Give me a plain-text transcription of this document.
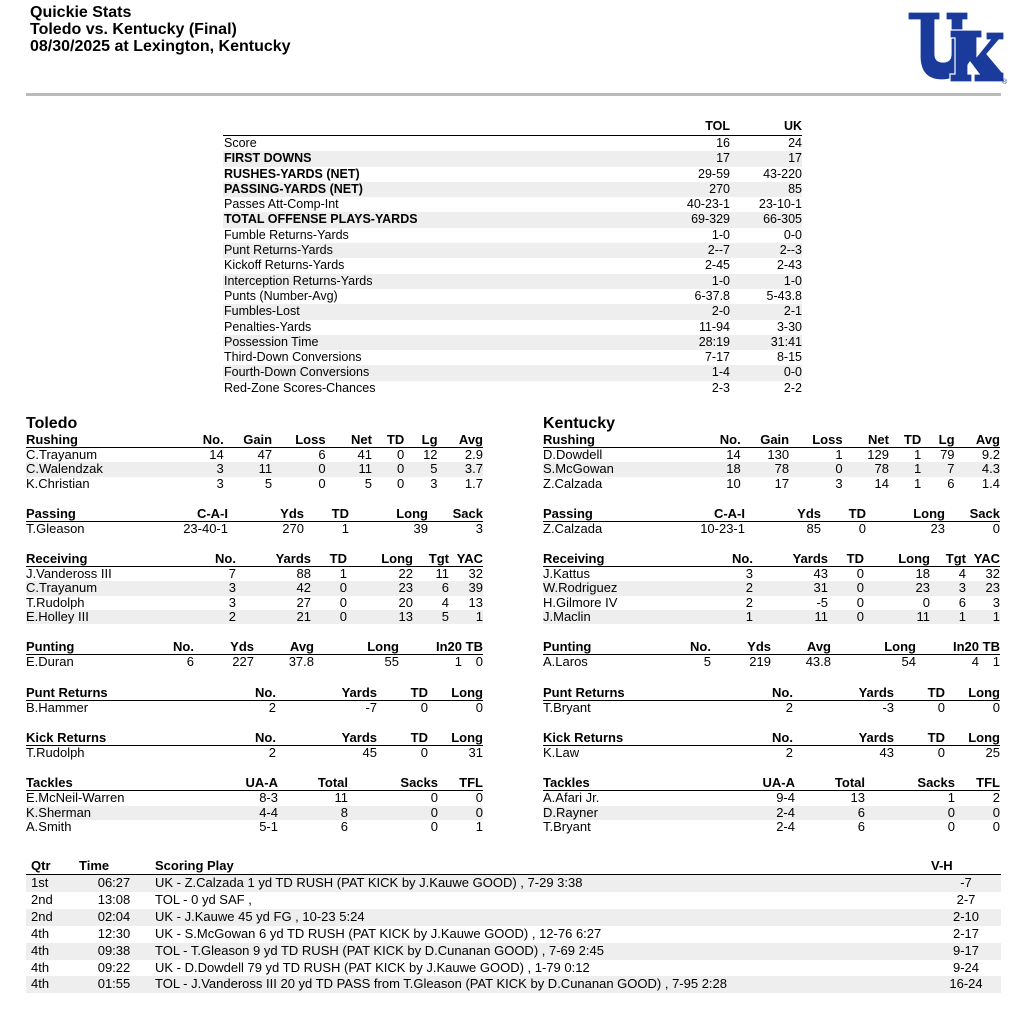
Quickie Stats
Toledo vs. Kentucky (Final)
08/30/2025 at Lexington, Kentucky
®
	TOL	UK
Score	16	24
FIRST DOWNS	17	17
RUSHES-YARDS (NET)	29-59	43-220
PASSING-YARDS (NET)	270	85
Passes Att-Comp-Int	40-23-1	23-10-1
TOTAL OFFENSE PLAYS-YARDS	69-329	66-305
Fumble Returns-Yards	1-0	0-0
Punt Returns-Yards	2--7	2--3
Kickoff Returns-Yards	2-45	2-43
Interception Returns-Yards	1-0	1-0
Punts (Number-Avg)	6-37.8	5-43.8
Fumbles-Lost	2-0	2-1
Penalties-Yards	11-94	3-30
Possession Time	28:19	31:41
Third-Down Conversions	7-17	8-15
Fourth-Down Conversions	1-4	0-0
Red-Zone Scores-Chances	2-3	2-2
Toledo
Rushing	No.	Gain	Loss	Net	TD	Lg	Avg
C.Trayanum	14	47	6	41	0	12	2.9
C.Walendzak	3	11	0	11	0	5	3.7
K.Christian	3	5	0	5	0	3	1.7
Passing	C-A-I	Yds	TD	Long	Sack
T.Gleason	23-40-1	270	1	39	3
Receiving	No.	Yards	TD	Long	Tgt	YAC
J.Vandeross III	7	88	1	22	11	32
C.Trayanum	3	42	0	23	6	39
T.Rudolph	3	27	0	20	4	13
E.Holley III	2	21	0	13	5	1
Punting	No.	Yds	Avg	Long	In20	TB
E.Duran	6	227	37.8	55	1	0
Punt Returns	No.	Yards	TD	Long
B.Hammer	2	-7	0	0
Kick Returns	No.	Yards	TD	Long
T.Rudolph	2	45	0	31
Tackles	UA-A	Total	Sacks	TFL
E.McNeil-Warren	8-3	11	0	0
K.Sherman	4-4	8	0	0
A.Smith	5-1	6	0	1
Kentucky
Rushing	No.	Gain	Loss	Net	TD	Lg	Avg
D.Dowdell	14	130	1	129	1	79	9.2
S.McGowan	18	78	0	78	1	7	4.3
Z.Calzada	10	17	3	14	1	6	1.4
Passing	C-A-I	Yds	TD	Long	Sack
Z.Calzada	10-23-1	85	0	23	0
Receiving	No.	Yards	TD	Long	Tgt	YAC
J.Kattus	3	43	0	18	4	32
W.Rodriguez	2	31	0	23	3	23
H.Gilmore IV	2	-5	0	0	6	3
J.Maclin	1	11	0	11	1	1
Punting	No.	Yds	Avg	Long	In20	TB
A.Laros	5	219	43.8	54	4	1
Punt Returns	No.	Yards	TD	Long
T.Bryant	2	-3	0	0
Kick Returns	No.	Yards	TD	Long
K.Law	2	43	0	25
Tackles	UA-A	Total	Sacks	TFL
A.Afari Jr.	9-4	13	1	2
D.Rayner	2-4	6	0	0
T.Bryant	2-4	6	0	0
Qtr	Time	Scoring Play	V-H
1st	06:27	UK - Z.Calzada 1 yd TD RUSH (PAT KICK by J.Kauwe GOOD) , 7-29 3:38	-7
2nd	13:08	TOL - 0 yd SAF ,	2-7
2nd	02:04	UK - J.Kauwe 45 yd FG , 10-23 5:24	2-10
4th	12:30	UK - S.McGowan 6 yd TD RUSH (PAT KICK by J.Kauwe GOOD) , 12-76 6:27	2-17
4th	09:38	TOL - T.Gleason 9 yd TD RUSH (PAT KICK by D.Cunanan GOOD) , 7-69 2:45	9-17
4th	09:22	UK - D.Dowdell 79 yd TD RUSH (PAT KICK by J.Kauwe GOOD) , 1-79 0:12	9-24
4th	01:55	TOL - J.Vandeross III 20 yd TD PASS from T.Gleason (PAT KICK by D.Cunanan GOOD) , 7-95 2:28	16-24
